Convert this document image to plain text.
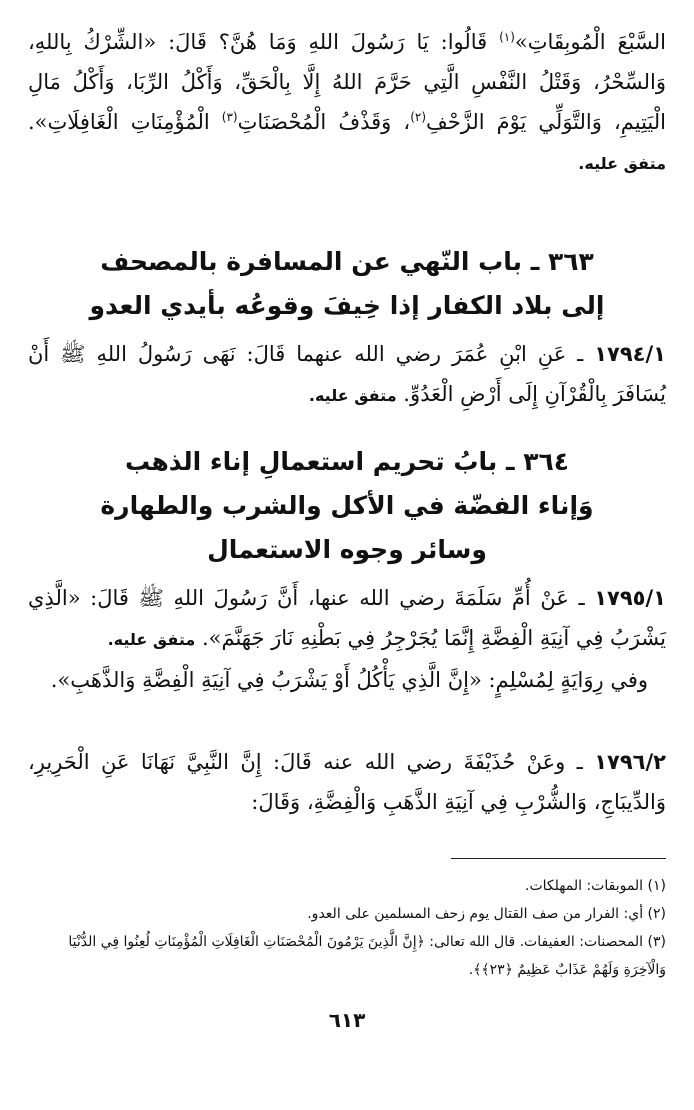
السَّبْعَ الْمُوبِقَاتِ»$^{(١)}$ قَالُوا: يَا رَسُولَ اللهِ وَمَا هُنَّ؟ قَالَ: «الشِّرْكُ بِاللهِ، وَالسِّحْرُ، وَقَتْلُ النَّفْسِ الَّتِي حَرَّمَ اللهُ إِلَّا بِالْحَقِّ، وَأَكْلُ الرِّبَا، وَأَكْلُ مَالِ الْيَتِيمِ، وَالتَّوَلِّي يَوْمَ الزَّحْفِ$^{(٢)}$، وَقَذْفُ الْمُحْصَنَاتِ$^{(٣)}$ الْمُؤْمِنَاتِ الْغَافِلَاتِ». متفق عليه.
٣٦٣ ـ باب النّهي عن المسافرة بالمصحف
إلى بلاد الكفار إذا خِيفَ وقوعُه بأيدي العدو
١٧٩٤/١ ـ عَنِ ابْنِ عُمَرَ رضي الله عنهما قَالَ: نَهَى رَسُولُ اللهِ ﷺ أَنْ يُسَافَرَ بِالْقُرْآنِ إِلَى أَرْضِ الْعَدُوِّ. متفق عليه.
٣٦٤ ـ بابُ تحريم استعمالِ إناء الذهب
وَإناء الفضّة في الأكل والشرب والطهارة
وسائر وجوه الاستعمال
١٧٩٥/١ ـ عَنْ أُمِّ سَلَمَةَ رضي الله عنها، أَنَّ رَسُولَ اللهِ ﷺ قَالَ: «الَّذِي يَشْرَبُ فِي آنِيَةِ الْفِضَّةِ إِنَّمَا يُجَرْجِرُ فِي بَطْنِهِ نَارَ جَهَنَّمَ». متفق عليه.
وفي رِوَايَةٍ لِمُسْلِمٍ: «إِنَّ الَّذِي يَأْكُلُ أَوْ يَشْرَبُ فِي آنِيَةِ الْفِضَّةِ وَالذَّهَبِ».
١٧٩٦/٢ ـ وعَنْ حُذَيْفَةَ رضي الله عنه قَالَ: إِنَّ النَّبِيَّ نَهَانَا عَنِ الْحَرِيرِ، وَالدِّيبَاجِ، وَالشُّرْبِ فِي آنِيَةِ الذَّهَبِ وَالْفِضَّةِ، وَقَالَ:
(١) الموبقات: المهلكات.
(٢) أي: الفرار من صف القتال يوم زحف المسلمين على العدو.
(٣) المحصنات: العفيفات. قال الله تعالى: ﴿إِنَّ الَّذِينَ يَرْمُونَ الْمُحْصَنَاتِ الْغَافِلَاتِ الْمُؤْمِنَاتِ لُعِنُوا فِي الدُّنْيَا وَالْآخِرَةِ وَلَهُمْ عَذَابٌ عَظِيمٌ ﴿٢٣﴾﴾.
٦١٣
